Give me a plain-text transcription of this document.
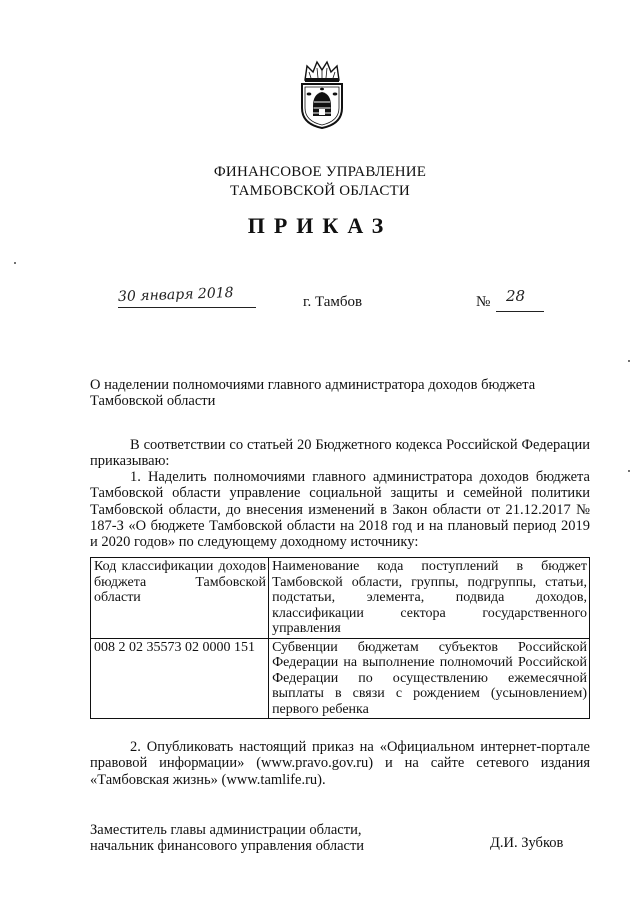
ФИНАНСОВОЕ УПРАВЛЕНИЕ
ТАМБОВСКОЙ ОБЛАСТИ
ПРИКАЗ
30 января 2018	г. Тамбов	№ 28
О наделении полномочиями главного администратора доходов бюджета Тамбовской области
В соответствии со статьей 20 Бюджетного кодекса Российской Федерации приказываю:
1. Наделить полномочиями главного администратора доходов бюджета Тамбовской области управление социальной защиты и семейной политики Тамбовской области, до внесения изменений в Закон области от 21.12.2017 № 187-З «О бюджете Тамбовской области на 2018 год и на плановый период 2019 и 2020 годов» по следующему доходному источнику:
Код классификации доходов бюджета Тамбовской области	Наименование кода поступлений в бюджет Тамбовской области, группы, подгруппы, статьи, подстатьи, элемента, подвида доходов, классификации сектора государственного управления
008 2 02 35573 02 0000 151	Субвенции бюджетам субъектов Российской Федерации на выполнение полномочий Российской Федерации по осуществлению ежемесячной выплаты в связи с рождением (усыновлением) первого ребенка
2. Опубликовать настоящий приказ на «Официальном интернет-портале правовой информации» (www.pravo.gov.ru) и на сайте сетевого издания «Тамбовская жизнь» (www.tamlife.ru).
Заместитель главы администрации области,
начальник финансового управления области	Д.И. Зубков
